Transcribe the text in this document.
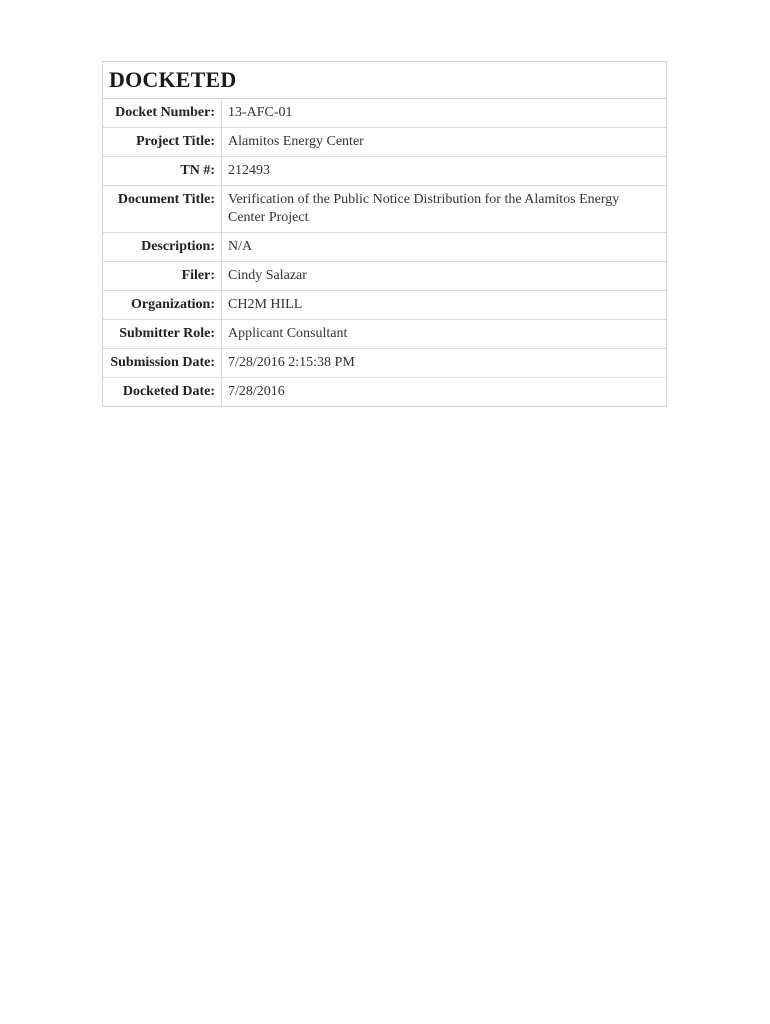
DOCKETED
Docket Number:	13-AFC-01
Project Title:	Alamitos Energy Center
TN #:	212493
Document Title:	Verification of the Public Notice Distribution for the Alamitos Energy Center Project
Description:	N/A
Filer:	Cindy Salazar
Organization:	CH2M HILL
Submitter Role:	Applicant Consultant
Submission Date:	7/28/2016 2:15:38 PM
Docketed Date:	7/28/2016
